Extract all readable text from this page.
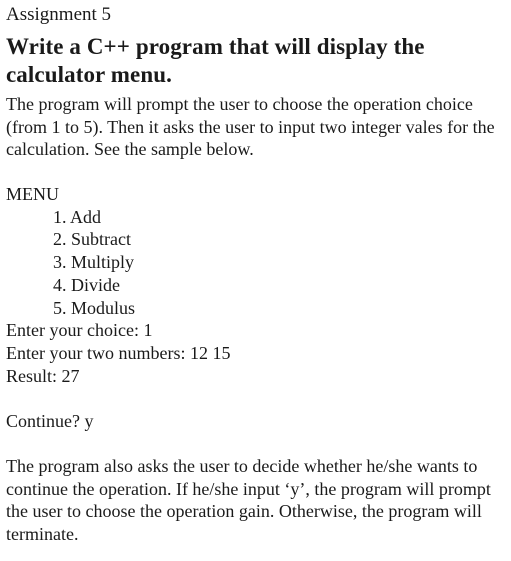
Assignment 5
Write a C++ program that will display the calculator menu.
The program will prompt the user to choose the operation choice (from 1 to 5). Then it asks the user to input two integer vales for the calculation. See the sample below.
MENU
1. Add
2. Subtract
3. Multiply
4. Divide
5. Modulus
Enter your choice: 1
Enter your two numbers: 12 15
Result: 27
Continue? y
The program also asks the user to decide whether he/she wants to continue the operation. If he/she input ‘y’, the program will prompt the user to choose the operation gain. Otherwise, the program will terminate.
